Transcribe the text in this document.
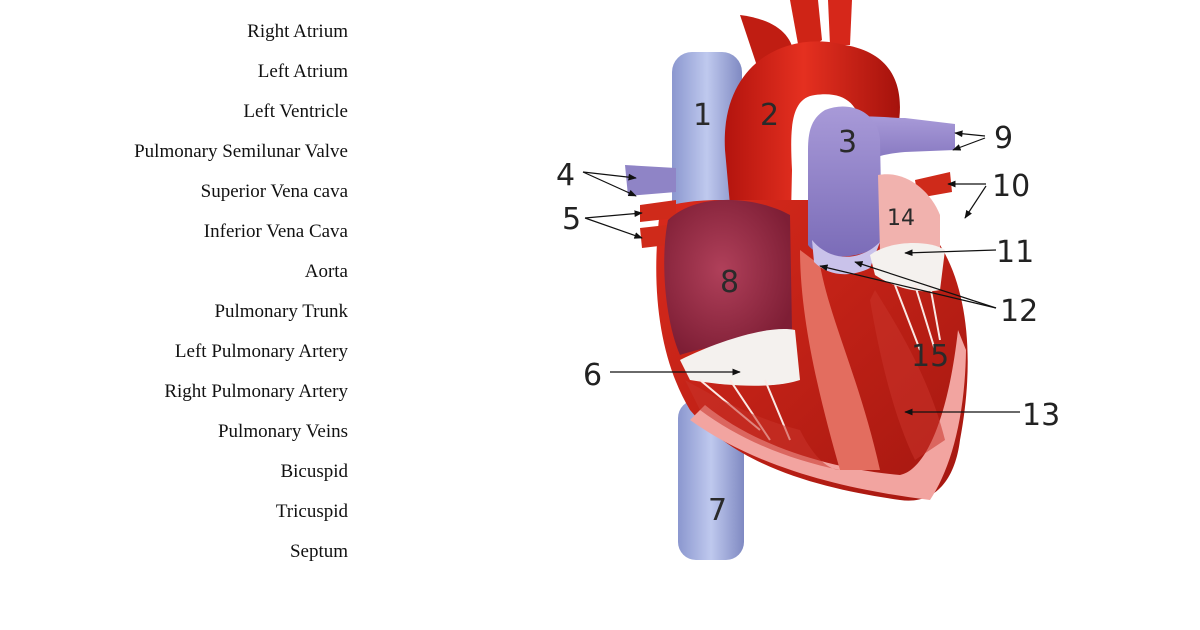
Right Atrium
Left Atrium
Left Ventricle
Pulmonary Semilunar Valve
Superior Vena cava
Inferior Vena Cava
Aorta
Pulmonary Trunk
Left Pulmonary Artery
Right Pulmonary Artery
Pulmonary Veins
Bicuspid
Tricuspid
Septum
1 2
3
4
5
6
7
8
9
10
11
12
13
14
15
